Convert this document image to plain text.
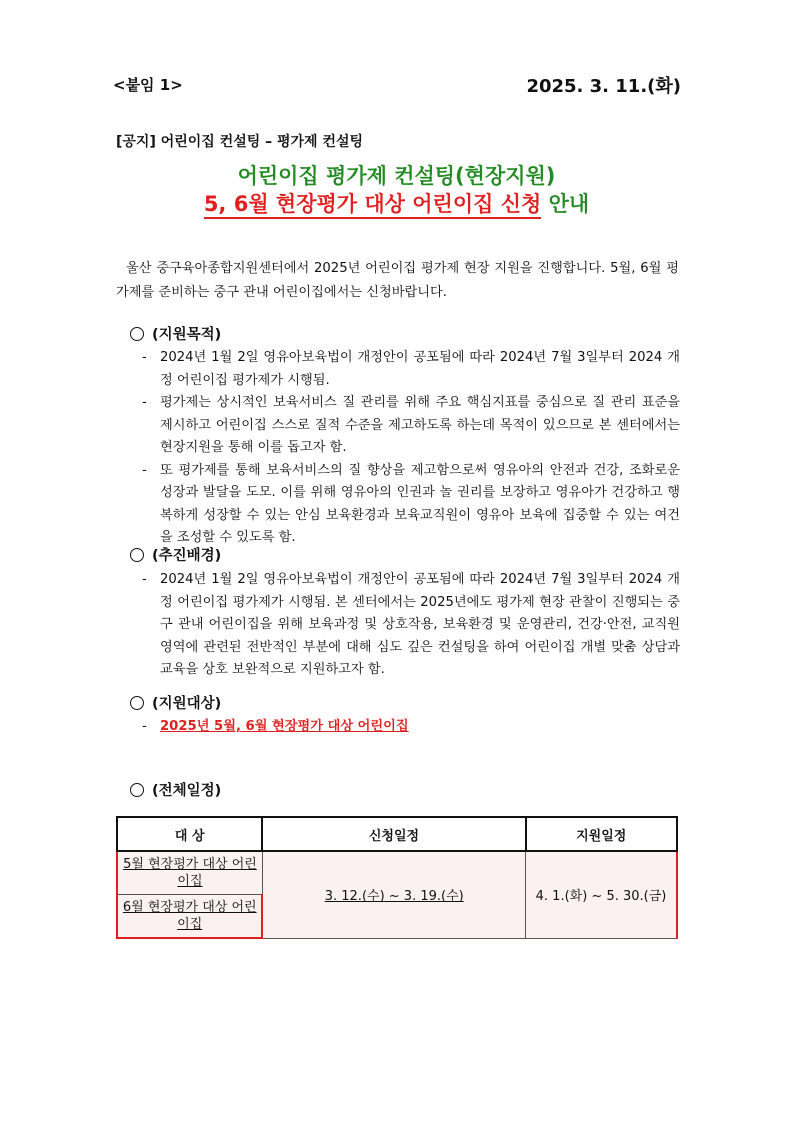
<붙임 1>	2025. 3. 11.(화)
[공지] 어린이집 컨설팅 – 평가제 컨설팅
어린이집 평가제 컨설팅(현장지원)
5, 6월 현장평가 대상 어린이집 신청 안내
울산 중구육아종합지원센터에서 2025년 어린이집 평가제 현장 지원을 진행합니다. 5월, 6월 평가제를 준비하는 중구 관내 어린이집에서는 신청바랍니다.
(지원목적)
- 2024년 1월 2일 영유아보육법이 개정안이 공포됨에 따라 2024년 7월 3일부터 2024 개정 어린이집 평가제가 시행됨.
- 평가제는 상시적인 보육서비스 질 관리를 위해 주요 핵심지표를 중심으로 질 관리 표준을 제시하고 어린이집 스스로 질적 수준을 제고하도록 하는데 목적이 있으므로 본 센터에서는 현장지원을 통해 이를 돕고자 함.
- 또 평가제를 통해 보육서비스의 질 향상을 제고함으로써 영유아의 안전과 건강, 조화로운 성장과 발달을 도모. 이를 위해 영유아의 인권과 놀 권리를 보장하고 영유아가 건강하고 행복하게 성장할 수 있는 안심 보육환경과 보육교직원이 영유아 보육에 집중할 수 있는 여건을 조성할 수 있도록 함.
(추진배경)
- 2024년 1월 2일 영유아보육법이 개정안이 공포됨에 따라 2024년 7월 3일부터 2024 개정 어린이집 평가제가 시행됨. 본 센터에서는 2025년에도 평가제 현장 관찰이 진행되는 중구 관내 어린이집을 위해 보육과정 및 상호작용, 보육환경 및 운영관리, 건강·안전, 교직원 영역에 관련된 전반적인 부분에 대해 심도 깊은 컨설팅을 하여 어린이집 개별 맞춤 상담과 교육을 상호 보완적으로 지원하고자 함.
(지원대상)
- 2025년 5월, 6월 현장평가 대상 어린이집
(전체일정)
대 상	신청일정	지원일정
5월 현장평가 대상 어린이집	3. 12.(수) ~ 3. 19.(수)	4. 1.(화) ~ 5. 30.(금)
6월 현장평가 대상 어린이집		
